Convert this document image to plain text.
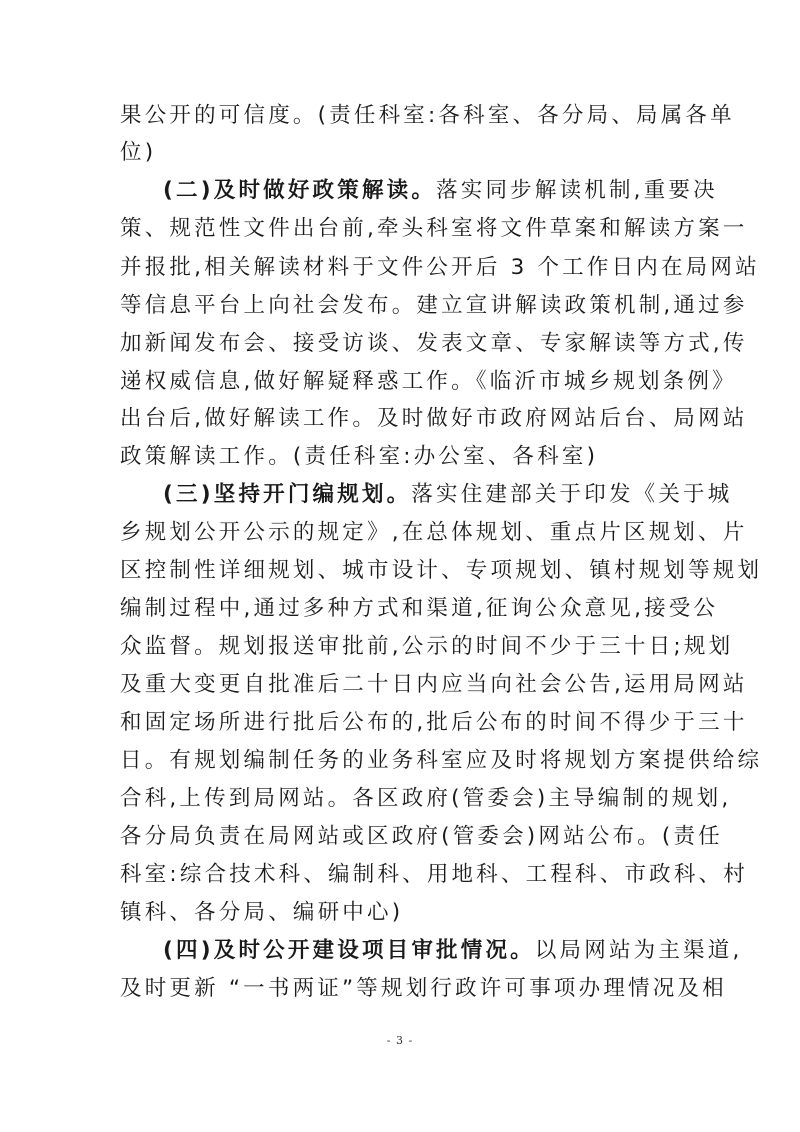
果公开的可信度。(责任科室:各科室、各分局、局属各单
位)
(二)及时做好政策解读。落实同步解读机制,重要决
策、规范性文件出台前,牵头科室将文件草案和解读方案一
并报批,相关解读材料于文件公开后 3 个工作日内在局网站
等信息平台上向社会发布。建立宣讲解读政策机制,通过参
加新闻发布会、接受访谈、发表文章、专家解读等方式,传
递权威信息,做好解疑释惑工作。《临沂市城乡规划条例》
出台后,做好解读工作。及时做好市政府网站后台、局网站
政策解读工作。(责任科室:办公室、各科室)
(三)坚持开门编规划。落实住建部关于印发《关于城
乡规划公开公示的规定》,在总体规划、重点片区规划、片
区控制性详细规划、城市设计、专项规划、镇村规划等规划
编制过程中,通过多种方式和渠道,征询公众意见,接受公
众监督。规划报送审批前,公示的时间不少于三十日;规划
及重大变更自批准后二十日内应当向社会公告,运用局网站
和固定场所进行批后公布的,批后公布的时间不得少于三十
日。有规划编制任务的业务科室应及时将规划方案提供给综
合科,上传到局网站。各区政府(管委会)主导编制的规划,
各分局负责在局网站或区政府(管委会)网站公布。(责任
科室:综合技术科、编制科、用地科、工程科、市政科、村
镇科、各分局、编研中心)
(四)及时公开建设项目审批情况。以局网站为主渠道,
及时更新 “一书两证”等规划行政许可事项办理情况及相
- 3 -
